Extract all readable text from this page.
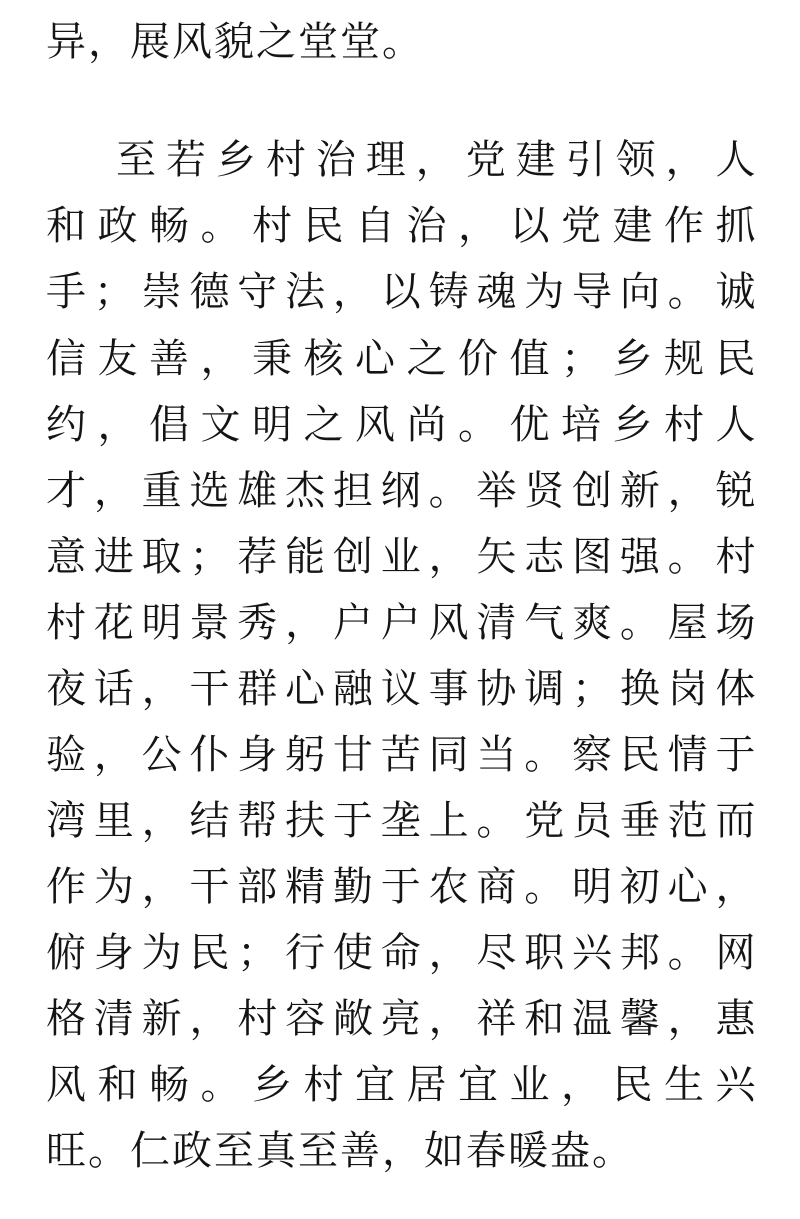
异，展风貌之堂堂。
至若乡村治理，党建引领，人
和政畅。村民自治，以党建作抓
手；崇德守法，以铸魂为导向。诚
信友善，秉核心之价值；乡规民
约，倡文明之风尚。优培乡村人
才，重选雄杰担纲。举贤创新，锐
意进取；荐能创业，矢志图强。村
村花明景秀，户户风清气爽。屋场
夜话，干群心融议事协调；换岗体
验，公仆身躬甘苦同当。察民情于
湾里，结帮扶于垄上。党员垂范而
作为，干部精勤于农商。明初心，
俯身为民；行使命，尽职兴邦。网
格清新，村容敞亮，祥和温馨，惠
风和畅。乡村宜居宜业，民生兴
旺。仁政至真至善，如春暖盎。
